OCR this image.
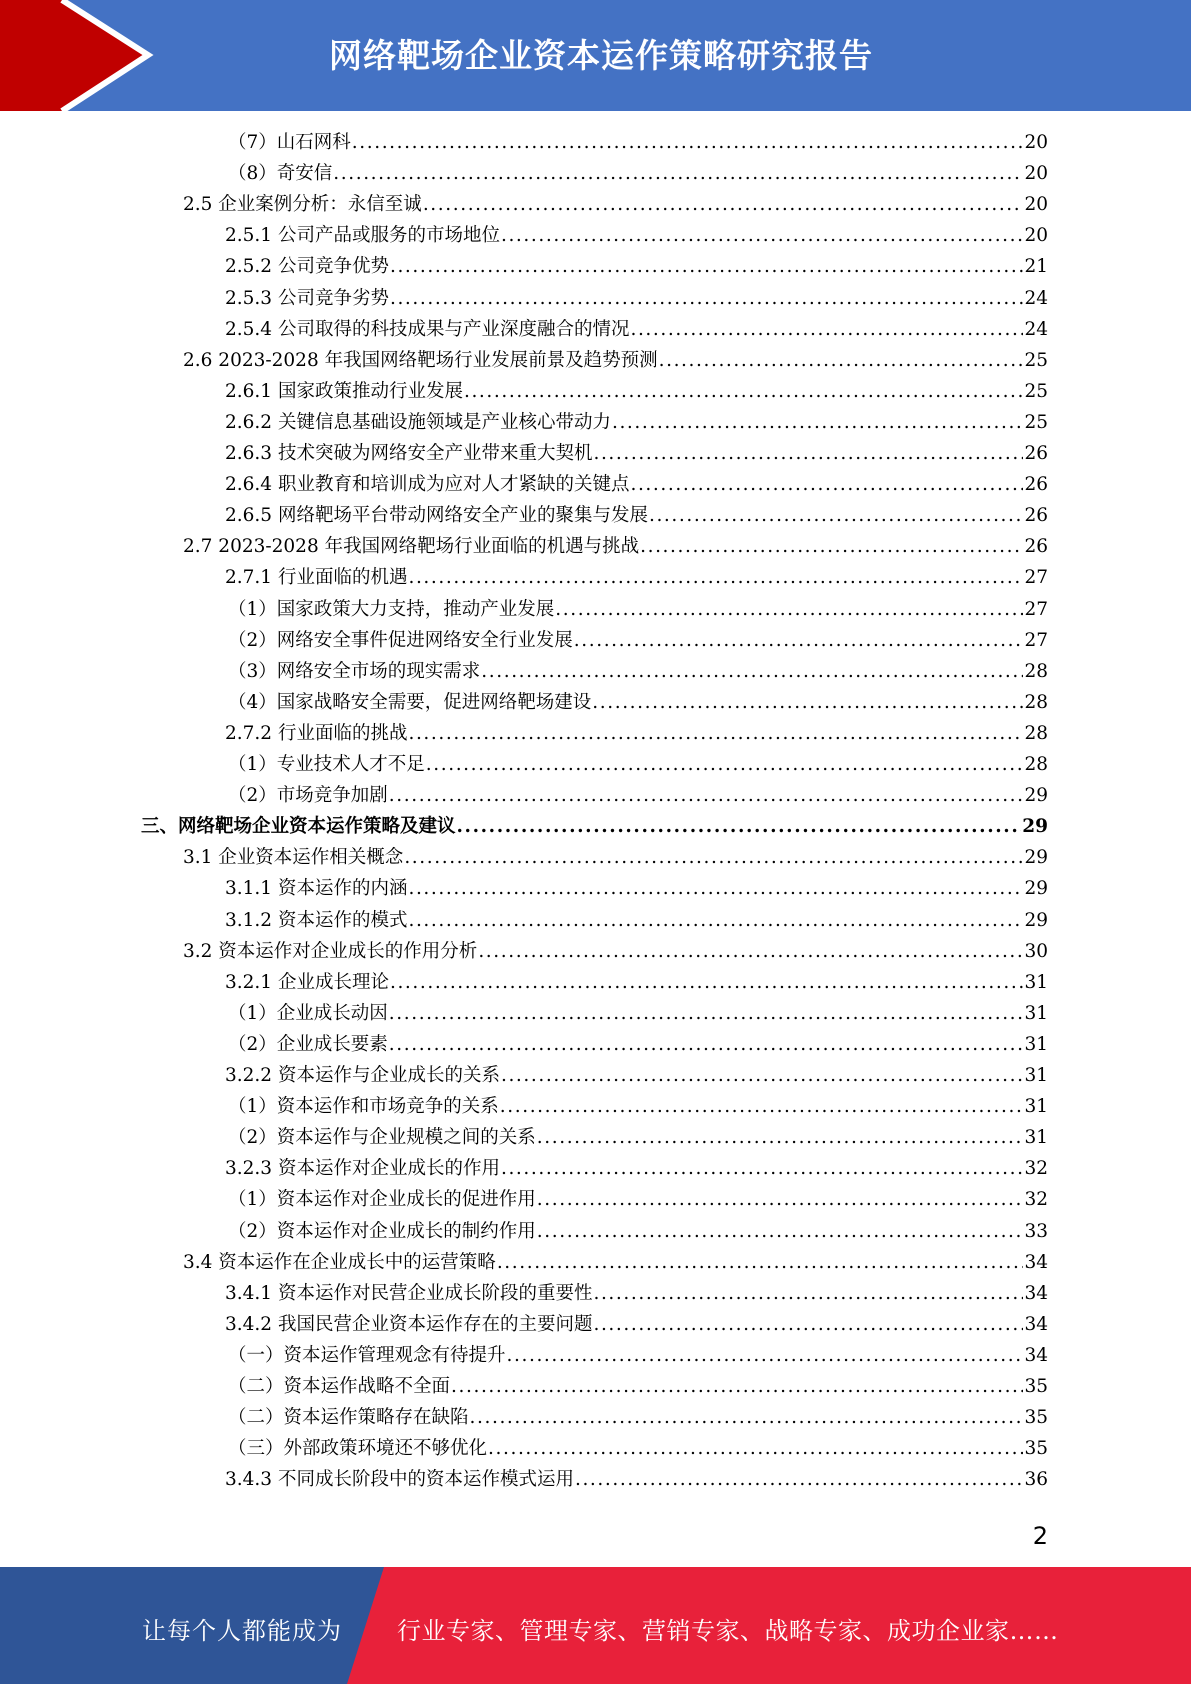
网络靶场企业资本运作策略研究报告
（7）山石网科 .....	20
（8）奇安信 .....	20
2.5 企业案例分析：永信至诚 .....	20
2.5.1 公司产品或服务的市场地位 .....	20
2.5.2 公司竞争优势 .....	21
2.5.3 公司竞争劣势 .....	24
2.5.4 公司取得的科技成果与产业深度融合的情况 .....	24
2.6 2023-2028 年我国网络靶场行业发展前景及趋势预测 .....	25
2.6.1 国家政策推动行业发展 .....	25
2.6.2 关键信息基础设施领域是产业核心带动力 .....	25
2.6.3 技术突破为网络安全产业带来重大契机 .....	26
2.6.4 职业教育和培训成为应对人才紧缺的关键点 .....	26
2.6.5 网络靶场平台带动网络安全产业的聚集与发展 .....	26
2.7 2023-2028 年我国网络靶场行业面临的机遇与挑战 .....	26
2.7.1 行业面临的机遇 .....	27
（1）国家政策大力支持，推动产业发展 .....	27
（2）网络安全事件促进网络安全行业发展 .....	27
（3）网络安全市场的现实需求 .....	28
（4）国家战略安全需要，促进网络靶场建设 .....	28
2.7.2 行业面临的挑战 .....	28
（1）专业技术人才不足 .....	28
（2）市场竞争加剧 .....	29
三、网络靶场企业资本运作策略及建议 .....	29
3.1 企业资本运作相关概念 .....	29
3.1.1 资本运作的内涵 .....	29
3.1.2 资本运作的模式 .....	29
3.2 资本运作对企业成长的作用分析 .....	30
3.2.1 企业成长理论 .....	31
（1）企业成长动因 .....	31
（2）企业成长要素 .....	31
3.2.2 资本运作与企业成长的关系 .....	31
（1）资本运作和市场竞争的关系 .....	31
（2）资本运作与企业规模之间的关系 .....	31
3.2.3 资本运作对企业成长的作用 .....	32
（1）资本运作对企业成长的促进作用 .....	32
（2）资本运作对企业成长的制约作用 .....	33
3.4 资本运作在企业成长中的运营策略 .....	34
3.4.1 资本运作对民营企业成长阶段的重要性 .....	34
3.4.2 我国民营企业资本运作存在的主要问题 .....	34
（一）资本运作管理观念有待提升 .....	34
（二）资本运作战略不全面 .....	35
（二）资本运作策略存在缺陷 .....	35
（三）外部政策环境还不够优化 .....	35
3.4.3 不同成长阶段中的资本运作模式运用 .....	36
2
让每个人都能成为 行业专家、管理专家、营销专家、战略专家、成功企业家……
